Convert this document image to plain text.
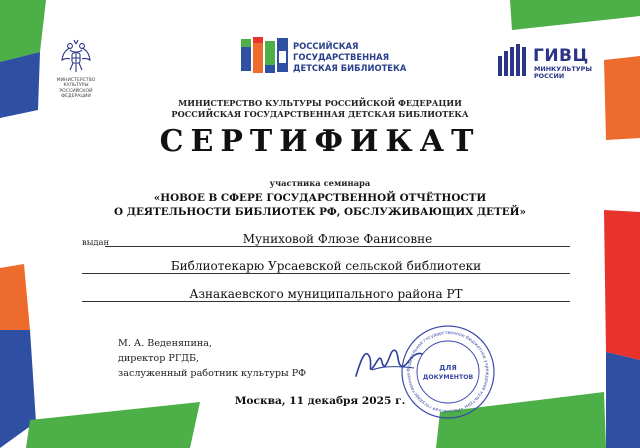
МИНИСТЕРСТВО КУЛЬТУРЫ
РОССИЙСКОЙ ФЕДЕРАЦИИ
РОССИЙСКАЯ
ГОСУДАРСТВЕННАЯ
ДЕТСКАЯ БИБЛИОТЕКА
ГИВЦ
МИНКУЛЬТУРЫ
РОССИИ
МИНИСТЕРСТВО КУЛЬТУРЫ РОССИЙСКОЙ ФЕДЕРАЦИИ
РОССИЙСКАЯ ГОСУДАРСТВЕННАЯ ДЕТСКАЯ БИБЛИОТЕКА
СЕРТИФИКАТ
участника семинара
«НОВОЕ В СФЕРЕ ГОСУДАРСТВЕННОЙ ОТЧЁТНОСТИ
О ДЕЯТЕЛЬНОСТИ БИБЛИОТЕК РФ, ОБСЛУЖИВАЮЩИХ ДЕТЕЙ»
выдан	Муниховой Флюзе Фанисовне
Библиотекарю Урсаевской сельской библиотеки
Азнакаевского муниципального района РТ
М. А. Веденяпина,
директор РГДБ,
заслуженный работник культуры РФ	Федеральное государственное бюджетное учреждение культуры «Российская государственная
ДЛЯ
ДОКУМЕНТОВ
Москва, 11 декабря 2025 г.
